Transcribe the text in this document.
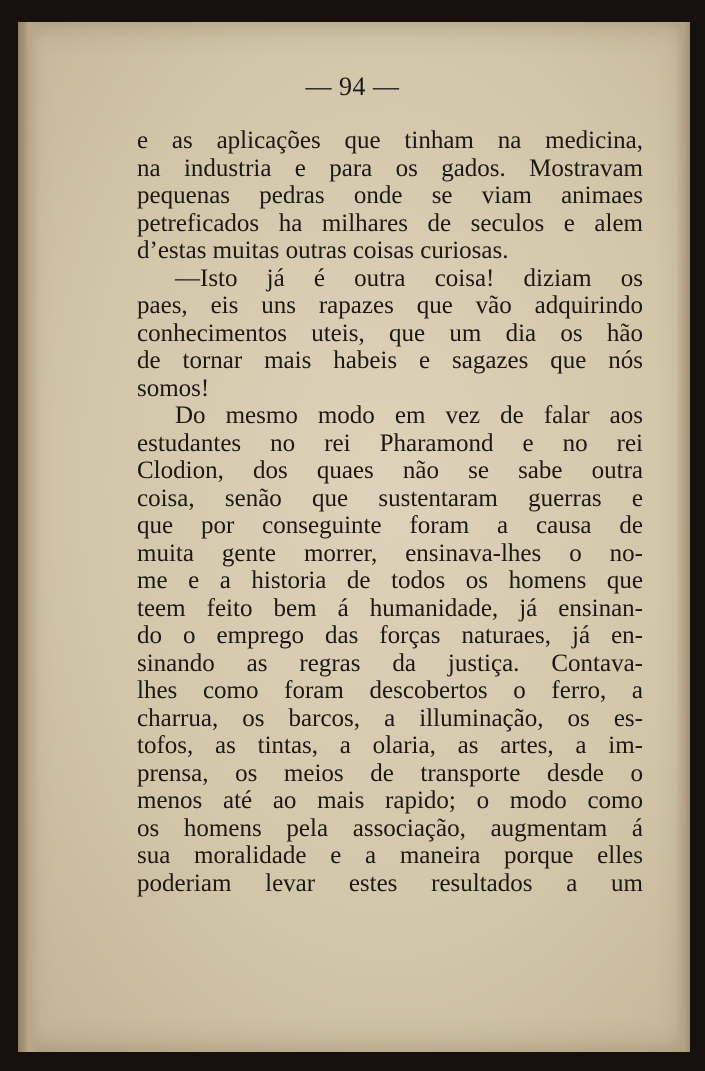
— 94 —
e as aplicações que tinham na medicina,
na industria e para os gados. Mostravam
pequenas pedras onde se viam animaes
petreficados ha milhares de seculos e alem
d’estas muitas outras coisas curiosas.
—Isto já é outra coisa! diziam os
paes, eis uns rapazes que vão adquirindo
conhecimentos uteis, que um dia os hão
de tornar mais habeis e sagazes que nós
somos!
Do mesmo modo em vez de falar aos
estudantes no rei Pharamond e no rei
Clodion, dos quaes não se sabe outra
coisa, senão que sustentaram guerras e
que por conseguinte foram a causa de
muita gente morrer, ensinava-lhes o no-
me e a historia de todos os homens que
teem feito bem á humanidade, já ensinan-
do o emprego das forças naturaes, já en-
sinando as regras da justiça. Contava-
lhes como foram descobertos o ferro, a
charrua, os barcos, a illuminação, os es-
tofos, as tintas, a olaria, as artes, a im-
prensa, os meios de transporte desde o
menos até ao mais rapido; o modo como
os homens pela associação, augmentam á
sua moralidade e a maneira porque elles
poderiam levar estes resultados a um
